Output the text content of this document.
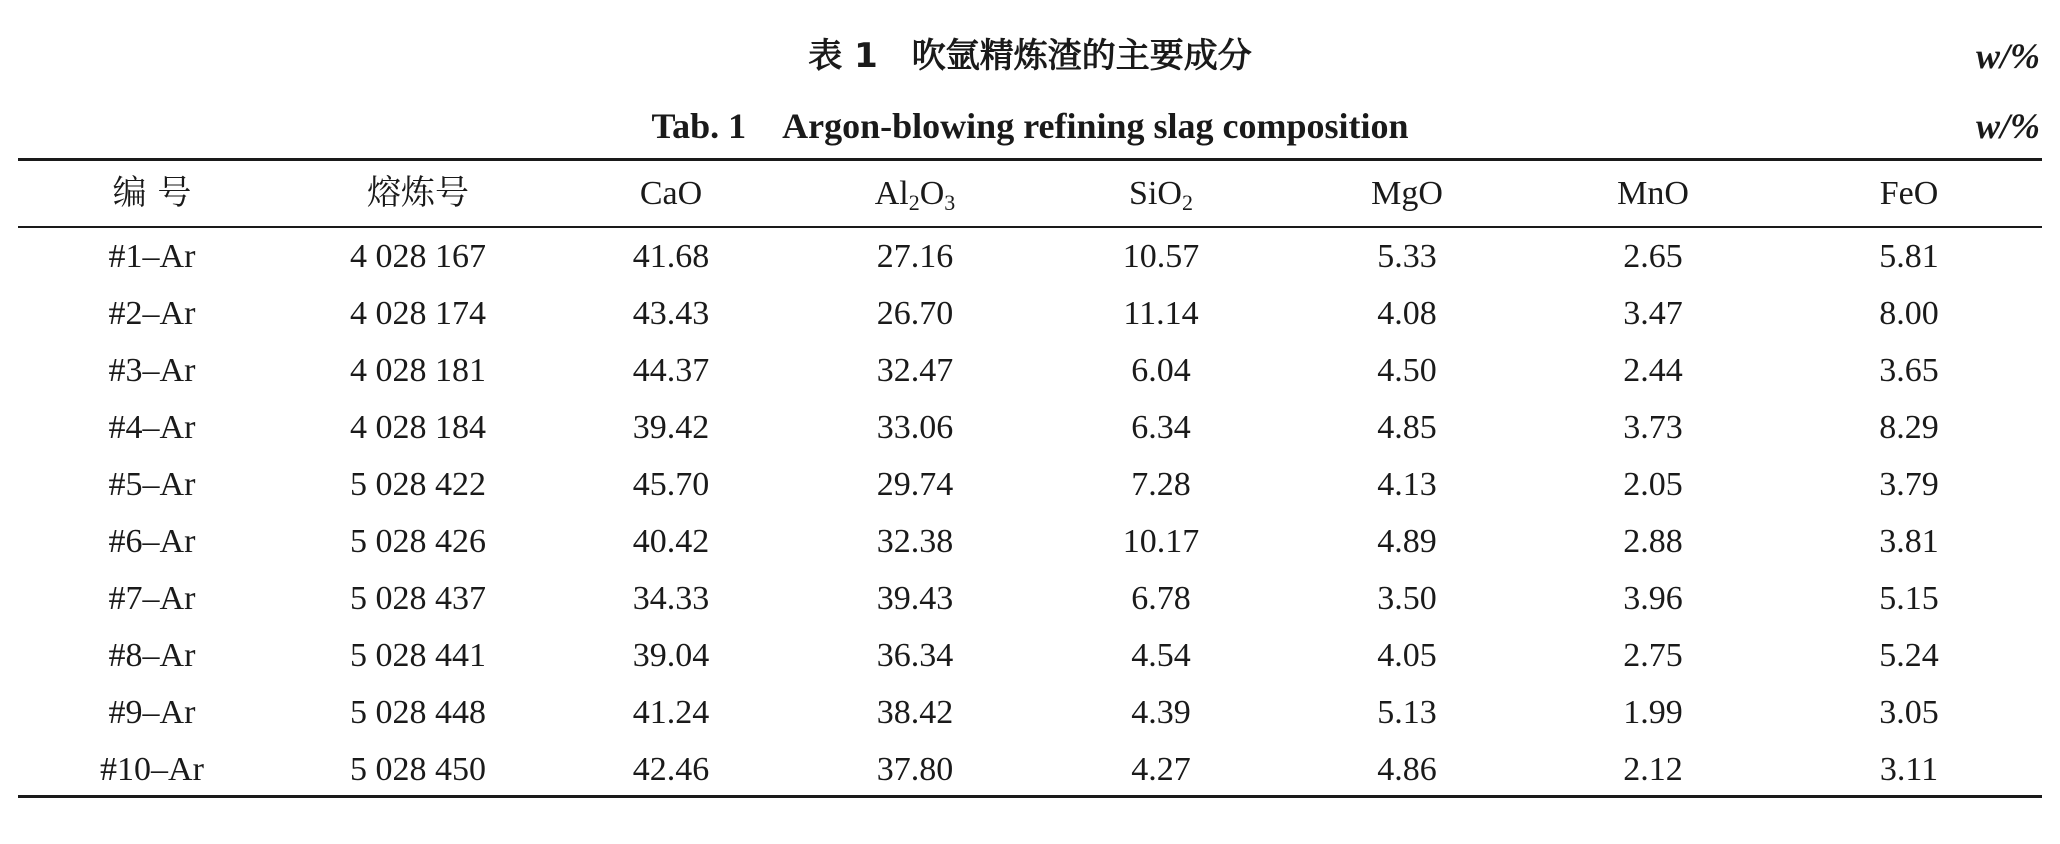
表 1　吹氩精炼渣的主要成分	w/%
Tab. 1　Argon-blowing refining slag composition	w/%
编 号	熔炼号	CaO	$Al_2O_3$	SiO$_2$	MgO	MnO	FeO
#1–Ar	4 028 167	41.68	27.16	10.57	5.33	2.65	5.81
#2–Ar	4 028 174	43.43	26.70	11.14	4.08	3.47	8.00
#3–Ar	4 028 181	44.37	32.47	6.04	4.50	2.44	3.65
#4–Ar	4 028 184	39.42	33.06	6.34	4.85	3.73	8.29
#5–Ar	5 028 422	45.70	29.74	7.28	4.13	2.05	3.79
#6–Ar	5 028 426	40.42	32.38	10.17	4.89	2.88	3.81
#7–Ar	5 028 437	34.33	39.43	6.78	3.50	3.96	5.15
#8–Ar	5 028 441	39.04	36.34	4.54	4.05	2.75	5.24
#9–Ar	5 028 448	41.24	38.42	4.39	5.13	1.99	3.05
#10–Ar	5 028 450	42.46	37.80	4.27	4.86	2.12	3.11
